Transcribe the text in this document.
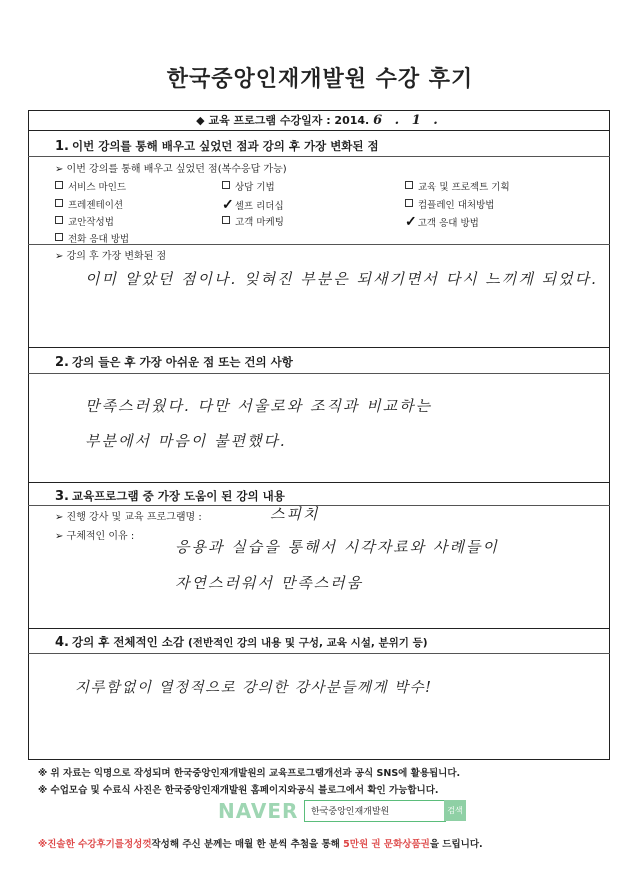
한국중앙인재개발원 수강 후기
◆ 교육 프로그램 수강일자 : 2014. 6 . 1 .
1. 이번 강의를 통해 배우고 싶었던 점과 강의 후 가장 변화된 점
➢ 이번 강의를 통해 배우고 싶었던 점(복수응답 가능)
서비스 마인드	상담 기법	교육 및 프로젝트 기획
프레젠테이션	✓셀프 리더십	컴플레인 대처방법
교안작성법	고객 마케팅	✓고객 응대 방법
전화 응대 방법
➢ 강의 후 가장 변화된 점
이미 알았던 점이나. 잊혀진 부분은 되새기면서 다시 느끼게 되었다.
2. 강의 들은 후 가장 아쉬운 점 또는 건의 사항
만족스러웠다. 다만 서울로와 조직과 비교하는
부분에서 마음이 불편했다.
3. 교육프로그램 중 가장 도움이 된 강의 내용
➢ 진행 강사 및 교육 프로그램명 :	스피치
➢ 구체적인 이유 :
응용과 실습을 통해서 시각자료와 사례들이
자연스러워서 만족스러움
4. 강의 후 전체적인 소감 (전반적인 강의 내용 및 구성, 교육 시설, 분위기 등)
지루함없이 열정적으로 강의한 강사분들께게 박수!
※ 위 자료는 익명으로 작성되며 한국중앙인재개발원의 교육프로그램개선과 공식 SNS에 활용됩니다.
※ 수업모습 및 수료식 사진은 한국중앙인재개발원 홈페이지와공식 블로그에서 확인 가능합니다.
NAVER 한국중앙인재개발원	검색
※진솔한 수강후기를정성껏작성해 주신 분께는 매월 한 분씩 추첨을 통해 5만원 권 문화상품권을 드립니다.
